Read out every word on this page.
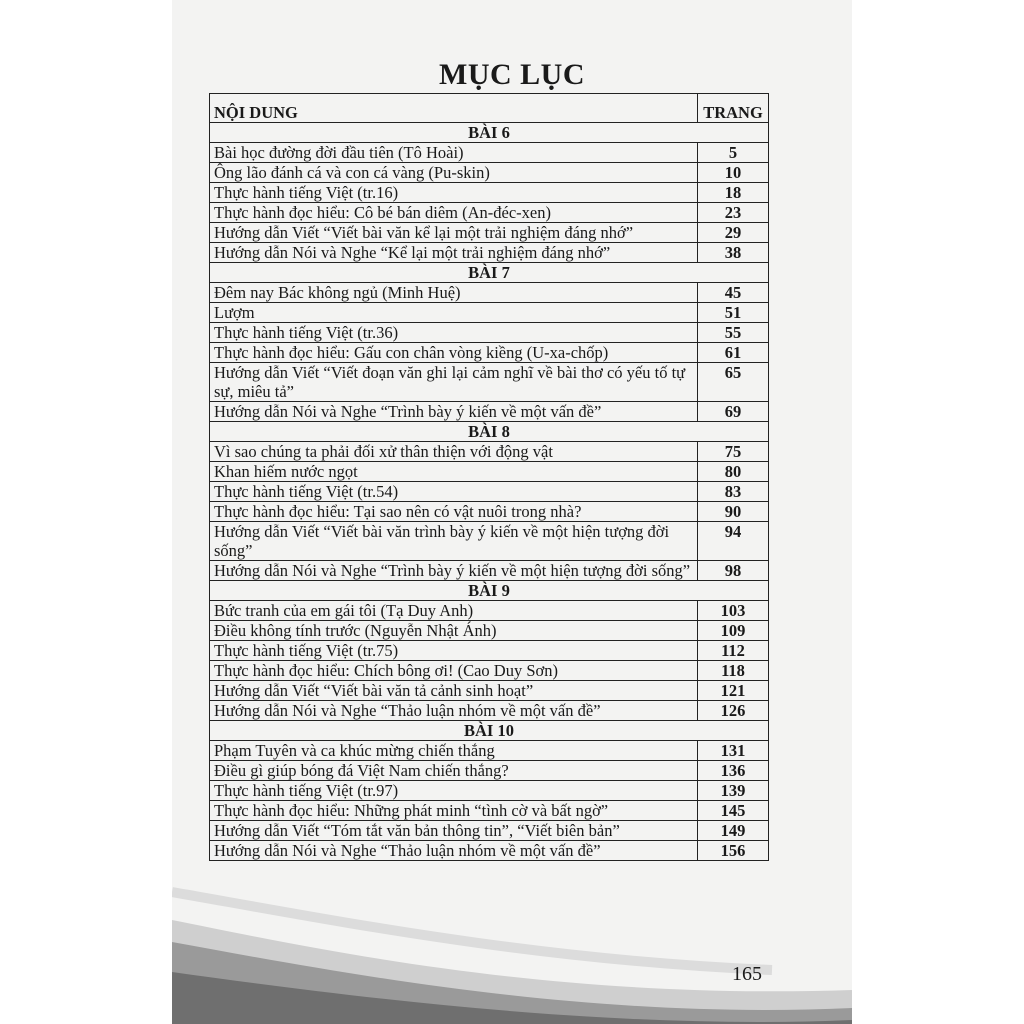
MỤC LỤC
NỘI DUNG	TRANG
BÀI 6	
Bài học đường đời đầu tiên (Tô Hoài)	5
Ông lão đánh cá và con cá vàng (Pu-skin)	10
Thực hành tiếng Việt (tr.16)	18
Thực hành đọc hiểu: Cô bé bán diêm (An-đéc-xen)	23
Hướng dẫn Viết “Viết bài văn kể lại một trải nghiệm đáng nhớ”	29
Hướng dẫn Nói và Nghe “Kể lại một trải nghiệm đáng nhớ”	38
BÀI 7	
Đêm nay Bác không ngủ (Minh Huệ)	45
Lượm	51
Thực hành tiếng Việt (tr.36)	55
Thực hành đọc hiểu: Gấu con chân vòng kiềng (U-xa-chốp)	61
Hướng dẫn Viết “Viết đoạn văn ghi lại cảm nghĩ về bài thơ có yếu tố tự sự, miêu tả”	65
Hướng dẫn Nói và Nghe “Trình bày ý kiến về một vấn đề”	69
BÀI 8	
Vì sao chúng ta phải đối xử thân thiện với động vật	75
Khan hiếm nước ngọt	80
Thực hành tiếng Việt (tr.54)	83
Thực hành đọc hiểu: Tại sao nên có vật nuôi trong nhà?	90
Hướng dẫn Viết “Viết bài văn trình bày ý kiến về một hiện tượng đời sống”	94
Hướng dẫn Nói và Nghe “Trình bày ý kiến về một hiện tượng đời sống”	98
BÀI 9	
Bức tranh của em gái tôi (Tạ Duy Anh)	103
Điều không tính trước (Nguyễn Nhật Ánh)	109
Thực hành tiếng Việt (tr.75)	112
Thực hành đọc hiểu: Chích bông ơi! (Cao Duy Sơn)	118
Hướng dẫn Viết “Viết bài văn tả cảnh sinh hoạt”	121
Hướng dẫn Nói và Nghe “Thảo luận nhóm về một vấn đề”	126
BÀI 10	
Phạm Tuyên và ca khúc mừng chiến thắng	131
Điều gì giúp bóng đá Việt Nam chiến thắng?	136
Thực hành tiếng Việt (tr.97)	139
Thực hành đọc hiểu: Những phát minh “tình cờ và bất ngờ”	145
Hướng dẫn Viết “Tóm tắt văn bản thông tin”, “Viết biên bản”	149
Hướng dẫn Nói và Nghe “Thảo luận nhóm về một vấn đề”	156
165
